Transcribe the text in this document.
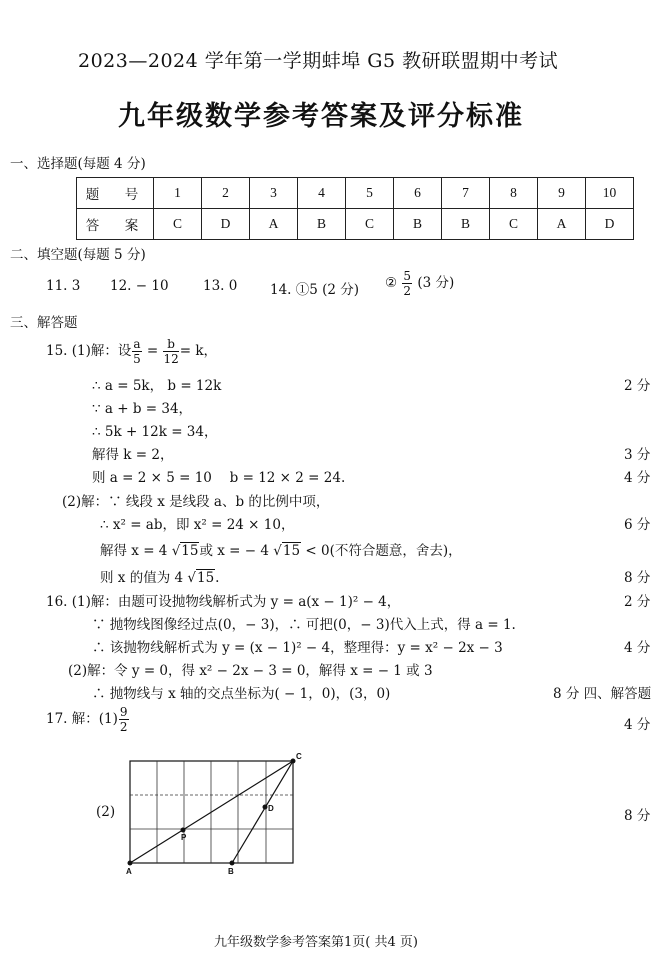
2023—2024 学年第一学期蚌埠 G5 教研联盟期中考试
九年级数学参考答案及评分标准
一、选择题(每题 4 分)
题　号	1	2	3	4	5	6	7	8	9	10
答　案	C	D	A	B	C	B	B	C	A	D
二、填空题(每题 5 分)
11. 3 12. − 10	13. 0 14. ①5 (2 分) ② $\frac{5}{2} (3$ 分)
三、解答题
15. (1)解：设 $\frac{a}{5} = \frac{b}{12} = k$，
∴ a = 5k， b = 12k	2 分
∵ a + b = 34，
∴ 5k + 12k = 34，
解得 k = 2，	3 分
则 a = 2 × 5 = 10　 b = 12 × 2 = 24.	4 分
(2)解：∵ 线段 x 是线段 a、b 的比例中项，
∴ x² = ab，即 x² = 24 × 10，	6 分
解得 x = 4 √15或 x = − 4 √15 < 0(不符合题意，舍去)，
则 x 的值为 4 √15.	8 分
16. (1)解：由题可设抛物线解析式为 y = a(x − 1)² − 4，	2 分
∵ 抛物线图像经过点(0，− 3)，∴ 可把(0，− 3)代入上式，得 a = 1.
∴ 该抛物线解析式为 y = (x − 1)² − 4，整理得：y = x² − 2x − 3	4 分
(2)解：令 y = 0，得 x² − 2x − 3 = 0，解得 x = − 1 或 3
∴ 抛物线与 x 轴的交点坐标为( − 1，0)，(3，0)	8 分 四、解答题
17. 解：$(1) \frac{9}{2}$	4 分
(2)	8 分
A	B
C
D
P
九年级数学参考答案第1页( 共4 页)
